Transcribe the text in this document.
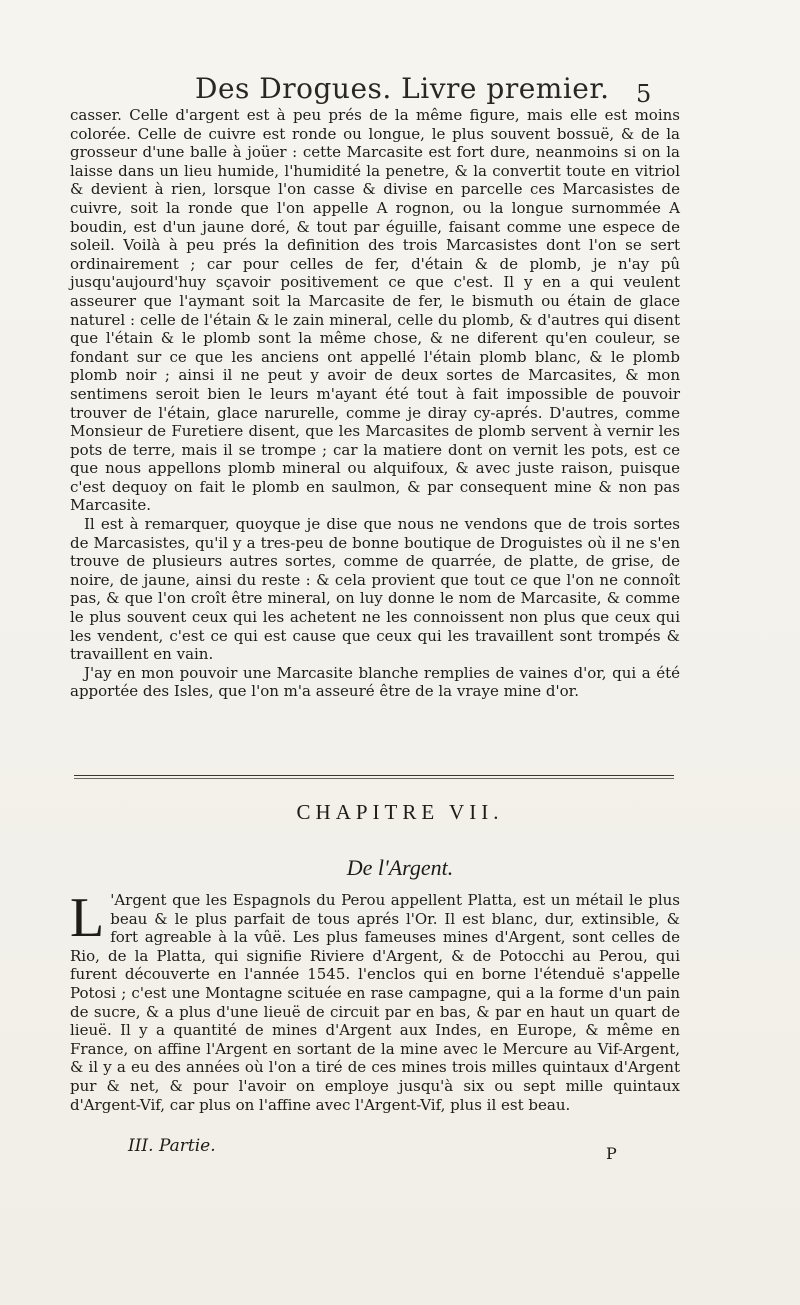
Des Drogues. Livre premier. 5

casser. Celle d'argent est à peu prés de la même figure, mais elle est moins colorée. Celle de cuivre est ronde ou longue, le plus souvent bossuë, & de la grosseur d'une balle à joüer : cette Marcasite est fort dure, neanmoins si on la laisse dans un lieu humide, l'humidité la penetre, & la convertit toute en vitriol & devient à rien, lorsque l'on casse & divise en parcelle ces Marcasistes de cuivre, soit la ronde que l'on appelle A rognon, ou la longue surnommée A boudin, est d'un jaune doré, & tout par éguille, faisant comme une espece de soleil. Voilà à peu prés la definition des trois Marcasistes dont l'on se sert ordinairement ; car pour celles de fer, d'étain & de plomb, je n'ay pû jusqu'aujourd'huy sçavoir positivement ce que c'est. Il y en a qui veulent asseurer que l'aymant soit la Marcasite de fer, le bismuth ou étain de glace naturel : celle de l'étain & le zain mineral, celle du plomb, & d'autres qui disent que l'étain & le plomb sont la même chose, & ne diferent qu'en couleur, se fondant sur ce que les anciens ont appellé l'étain plomb blanc, & le plomb plomb noir ; ainsi il ne peut y avoir de deux sortes de Marcasites, & mon sentimens seroit bien le leurs m'ayant été tout à fait impossible de pouvoir trouver de l'étain, glace narurelle, comme je diray cy-aprés. D'autres, comme Monsieur de Furetiere disent, que les Marcasites de plomb servent à vernir les pots de terre, mais il se trompe ; car la matiere dont on vernit les pots, est ce que nous appellons plomb mineral ou alquifoux, & avec juste raison, puisque c'est dequoy on fait le plomb en saulmon, & par consequent mine & non pas Marcasite.

Il est à remarquer, quoyque je dise que nous ne vendons que de trois sortes de Marcasistes, qu'il y a tres-peu de bonne boutique de Droguistes où il ne s'en trouve de plusieurs autres sortes, comme de quarrée, de platte, de grise, de noire, de jaune, ainsi du reste : & cela provient que tout ce que l'on ne connoît pas, & que l'on croît être mineral, on luy donne le nom de Marcasite, & comme le plus souvent ceux qui les achetent ne les connoissent non plus que ceux qui les vendent, c'est ce qui est cause que ceux qui les travaillent sont trompés & travaillent en vain.

J'ay en mon pouvoir une Marcasite blanche remplies de vaines d'or, qui a été apportée des Isles, que l'on m'a asseuré être de la vraye mine d'or.

CHAPITRE VII.
De l'Argent.

L 'Argent que les Espagnols du Perou appellent Platta, est un métail le plus beau & le plus parfait de tous aprés l'Or. Il est blanc, dur, extinsible, & fort agreable à la vûë. Les plus fameuses mines d'Argent, sont celles de Rio, de la Platta, qui signifie Riviere d'Argent, & de Potocchi au Perou, qui furent découverte en l'année 1545. l'enclos qui en borne l'étenduë s'appelle Potosi ; c'est une Montagne scituée en rase campagne, qui a la forme d'un pain de sucre, & a plus d'une lieuë de circuit par en bas, & par en haut un quart de lieuë. Il y a quantité de mines d'Argent aux Indes, en Europe, & même en France, on affine l'Argent en sortant de la mine avec le Mercure au Vif-Argent, & il y a eu des années où l'on a tiré de ces mines trois milles quintaux d'Argent pur & net, & pour l'avoir on employe jusqu'à six ou sept mille quintaux d'Argent-Vif, car plus on l'affine avec l'Argent-Vif, plus il est beau.

III. Partie.	P
